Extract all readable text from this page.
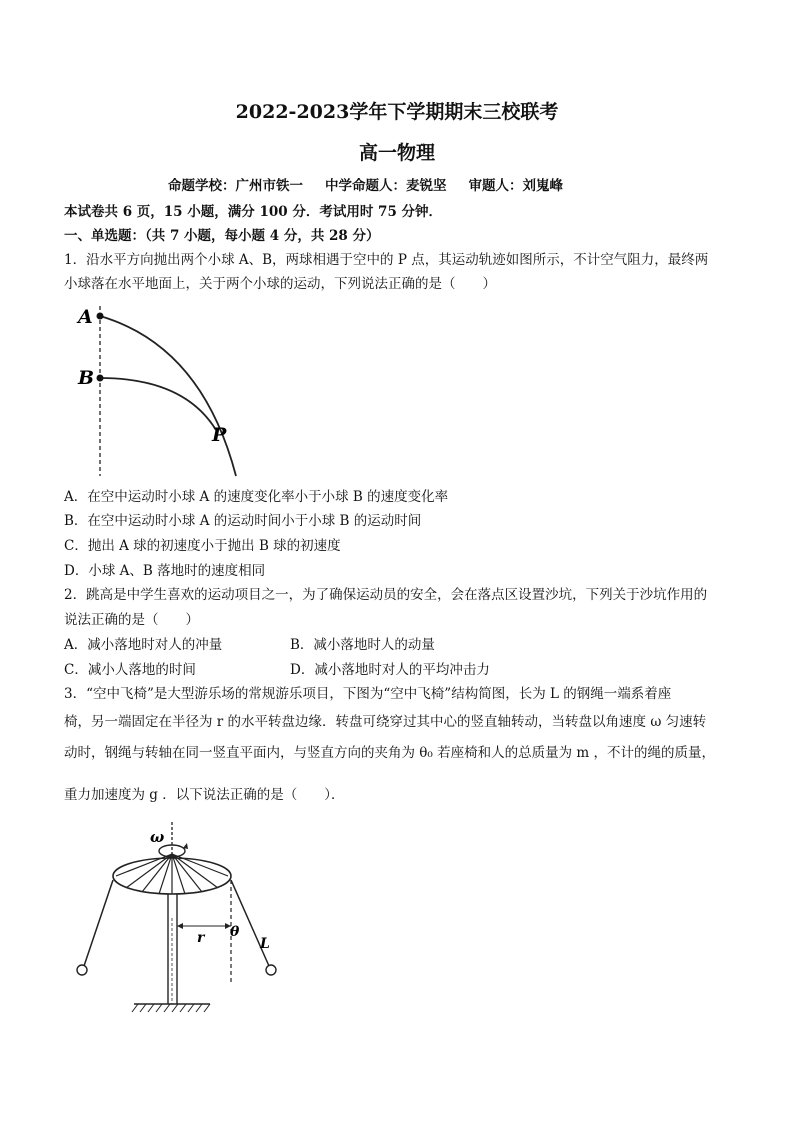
2022-2023学年下学期期末三校联考
高一物理
命题学校：广州市铁一 中学命题人：麦锐坚 审题人：刘嵬峰
本试卷共 6 页，15 小题，满分 100 分．考试用时 75 分钟．
一、单选题：（共 7 小题，每小题 4 分，共 28 分）
1．沿水平方向抛出两个小球 A、B，两球相遇于空中的 P 点，其运动轨迹如图所示，不计空气阻力，最终两
小球落在水平地面上，关于两个小球的运动，下列说法正确的是（　　）
A
B
P
A．在空中运动时小球 A 的速度变化率小于小球 B 的速度变化率
B．在空中运动时小球 A 的运动时间小于小球 B 的运动时间
C．抛出 A 球的初速度小于抛出 B 球的初速度
D．小球 A、B 落地时的速度相同
2．跳高是中学生喜欢的运动项目之一，为了确保运动员的安全，会在落点区设置沙坑，下列关于沙坑作用的
说法正确的是（　　）
A．减小落地时对人的冲量	B．减小落地时人的动量
C．减小人落地的时间	D．减小落地时对人的平均冲击力
3．“空中飞椅”是大型游乐场的常规游乐项目，下图为“空中飞椅”结构简图，长为 L 的钢绳一端系着座
椅，另一端固定在半径为 r 的水平转盘边缘．转盘可绕穿过其中心的竖直轴转动，当转盘以角速度 ω 匀速转
动时，钢绳与转轴在同一竖直平面内，与竖直方向的夹角为 θ₀ 若座椅和人的总质量为 m ，不计的绳的质量，
重力加速度为 g ．以下说法正确的是（　　）．
ω
r θ
L
